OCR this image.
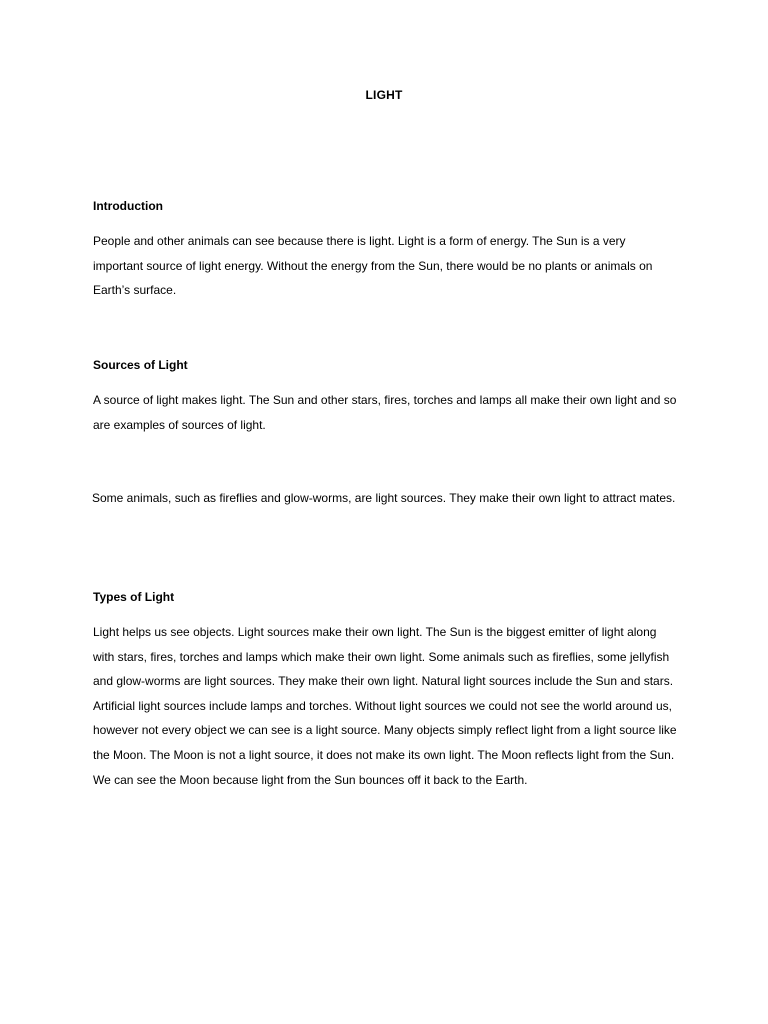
LIGHT
Introduction

People and other animals can see because there is light. Light is a form of energy. The Sun is a very important source of light energy. Without the energy from the Sun, there would be no plants or animals on Earth’s surface.

Sources of Light

A source of light makes light. The Sun and other stars, fires, torches and lamps all make their own light and so are examples of sources of light.

Some animals, such as fireflies and glow-worms, are light sources. They make their own light to attract mates.

Types of Light

Light helps us see objects. Light sources make their own light. The Sun is the biggest emitter of light along with stars, fires, torches and lamps which make their own light. Some animals such as fireflies, some jellyfish and glow-worms are light sources. They make their own light. Natural light sources include the Sun and stars. Artificial light sources include lamps and torches. Without light sources we could not see the world around us, however not every object we can see is a light source. Many objects simply reflect light from a light source like the Moon. The Moon is not a light source, it does not make its own light. The Moon reflects light from the Sun. We can see the Moon because light from the Sun bounces off it back to the Earth.
